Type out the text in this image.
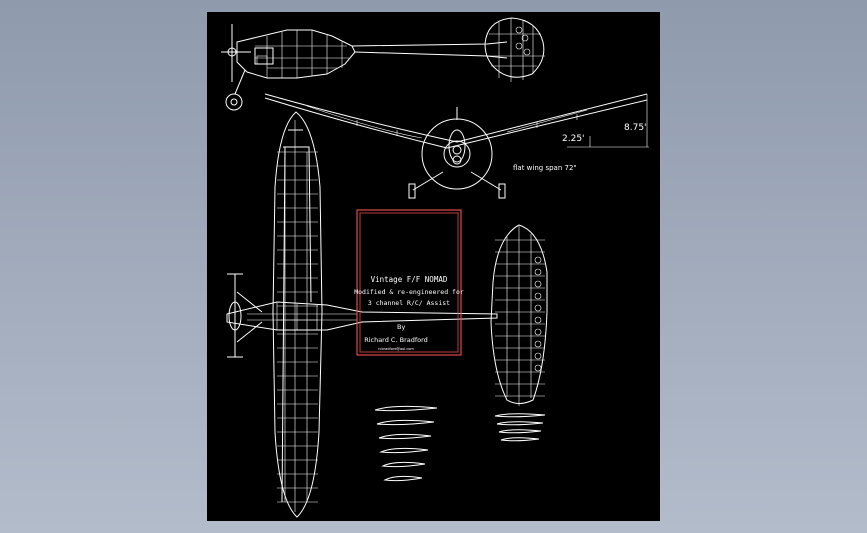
8.75'
2.25'
flat wing span 72"
Vintage F/F NOMAD
Modified & re-engineered for
3 channel R/C/ Assist
By
Richard C. Bradford
rcbradford@aol.com
